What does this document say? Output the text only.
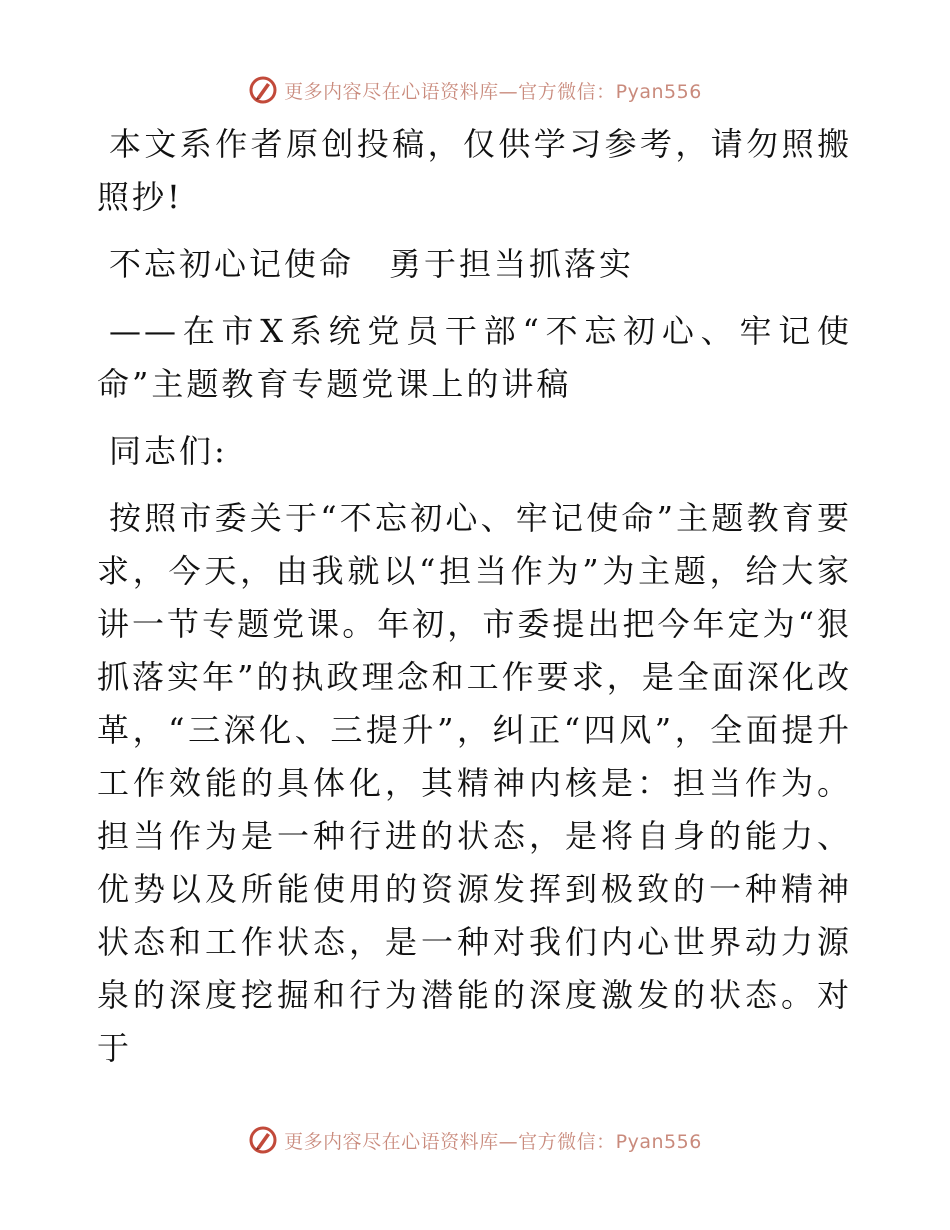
更多内容尽在心语资料库—官方微信：Pyan556

本文系作者原创投稿，仅供学习参考，请勿照搬照抄!

不忘初心记使命　勇于担当抓落实

——在市X系统党员干部“不忘初心、牢记使命”主题教育专题党课上的讲稿

同志们:

按照市委关于“不忘初心、牢记使命”主题教育要求，今天，由我就以“担当作为”为主题，给大家讲一节专题党课。年初，市委提出把今年定为“狠抓落实年”的执政理念和工作要求，是全面深化改革，“三深化、三提升”，纠正“四风”，全面提升工作效能的具体化，其精神内核是：担当作为。担当作为是一种行进的状态，是将自身的能力、优势以及所能使用的资源发挥到极致的一种精神状态和工作状态，是一种对我们内心世界动力源泉的深度挖掘和行为潜能的深度激发的状态。对于

更多内容尽在心语资料库—官方微信：Pyan556
